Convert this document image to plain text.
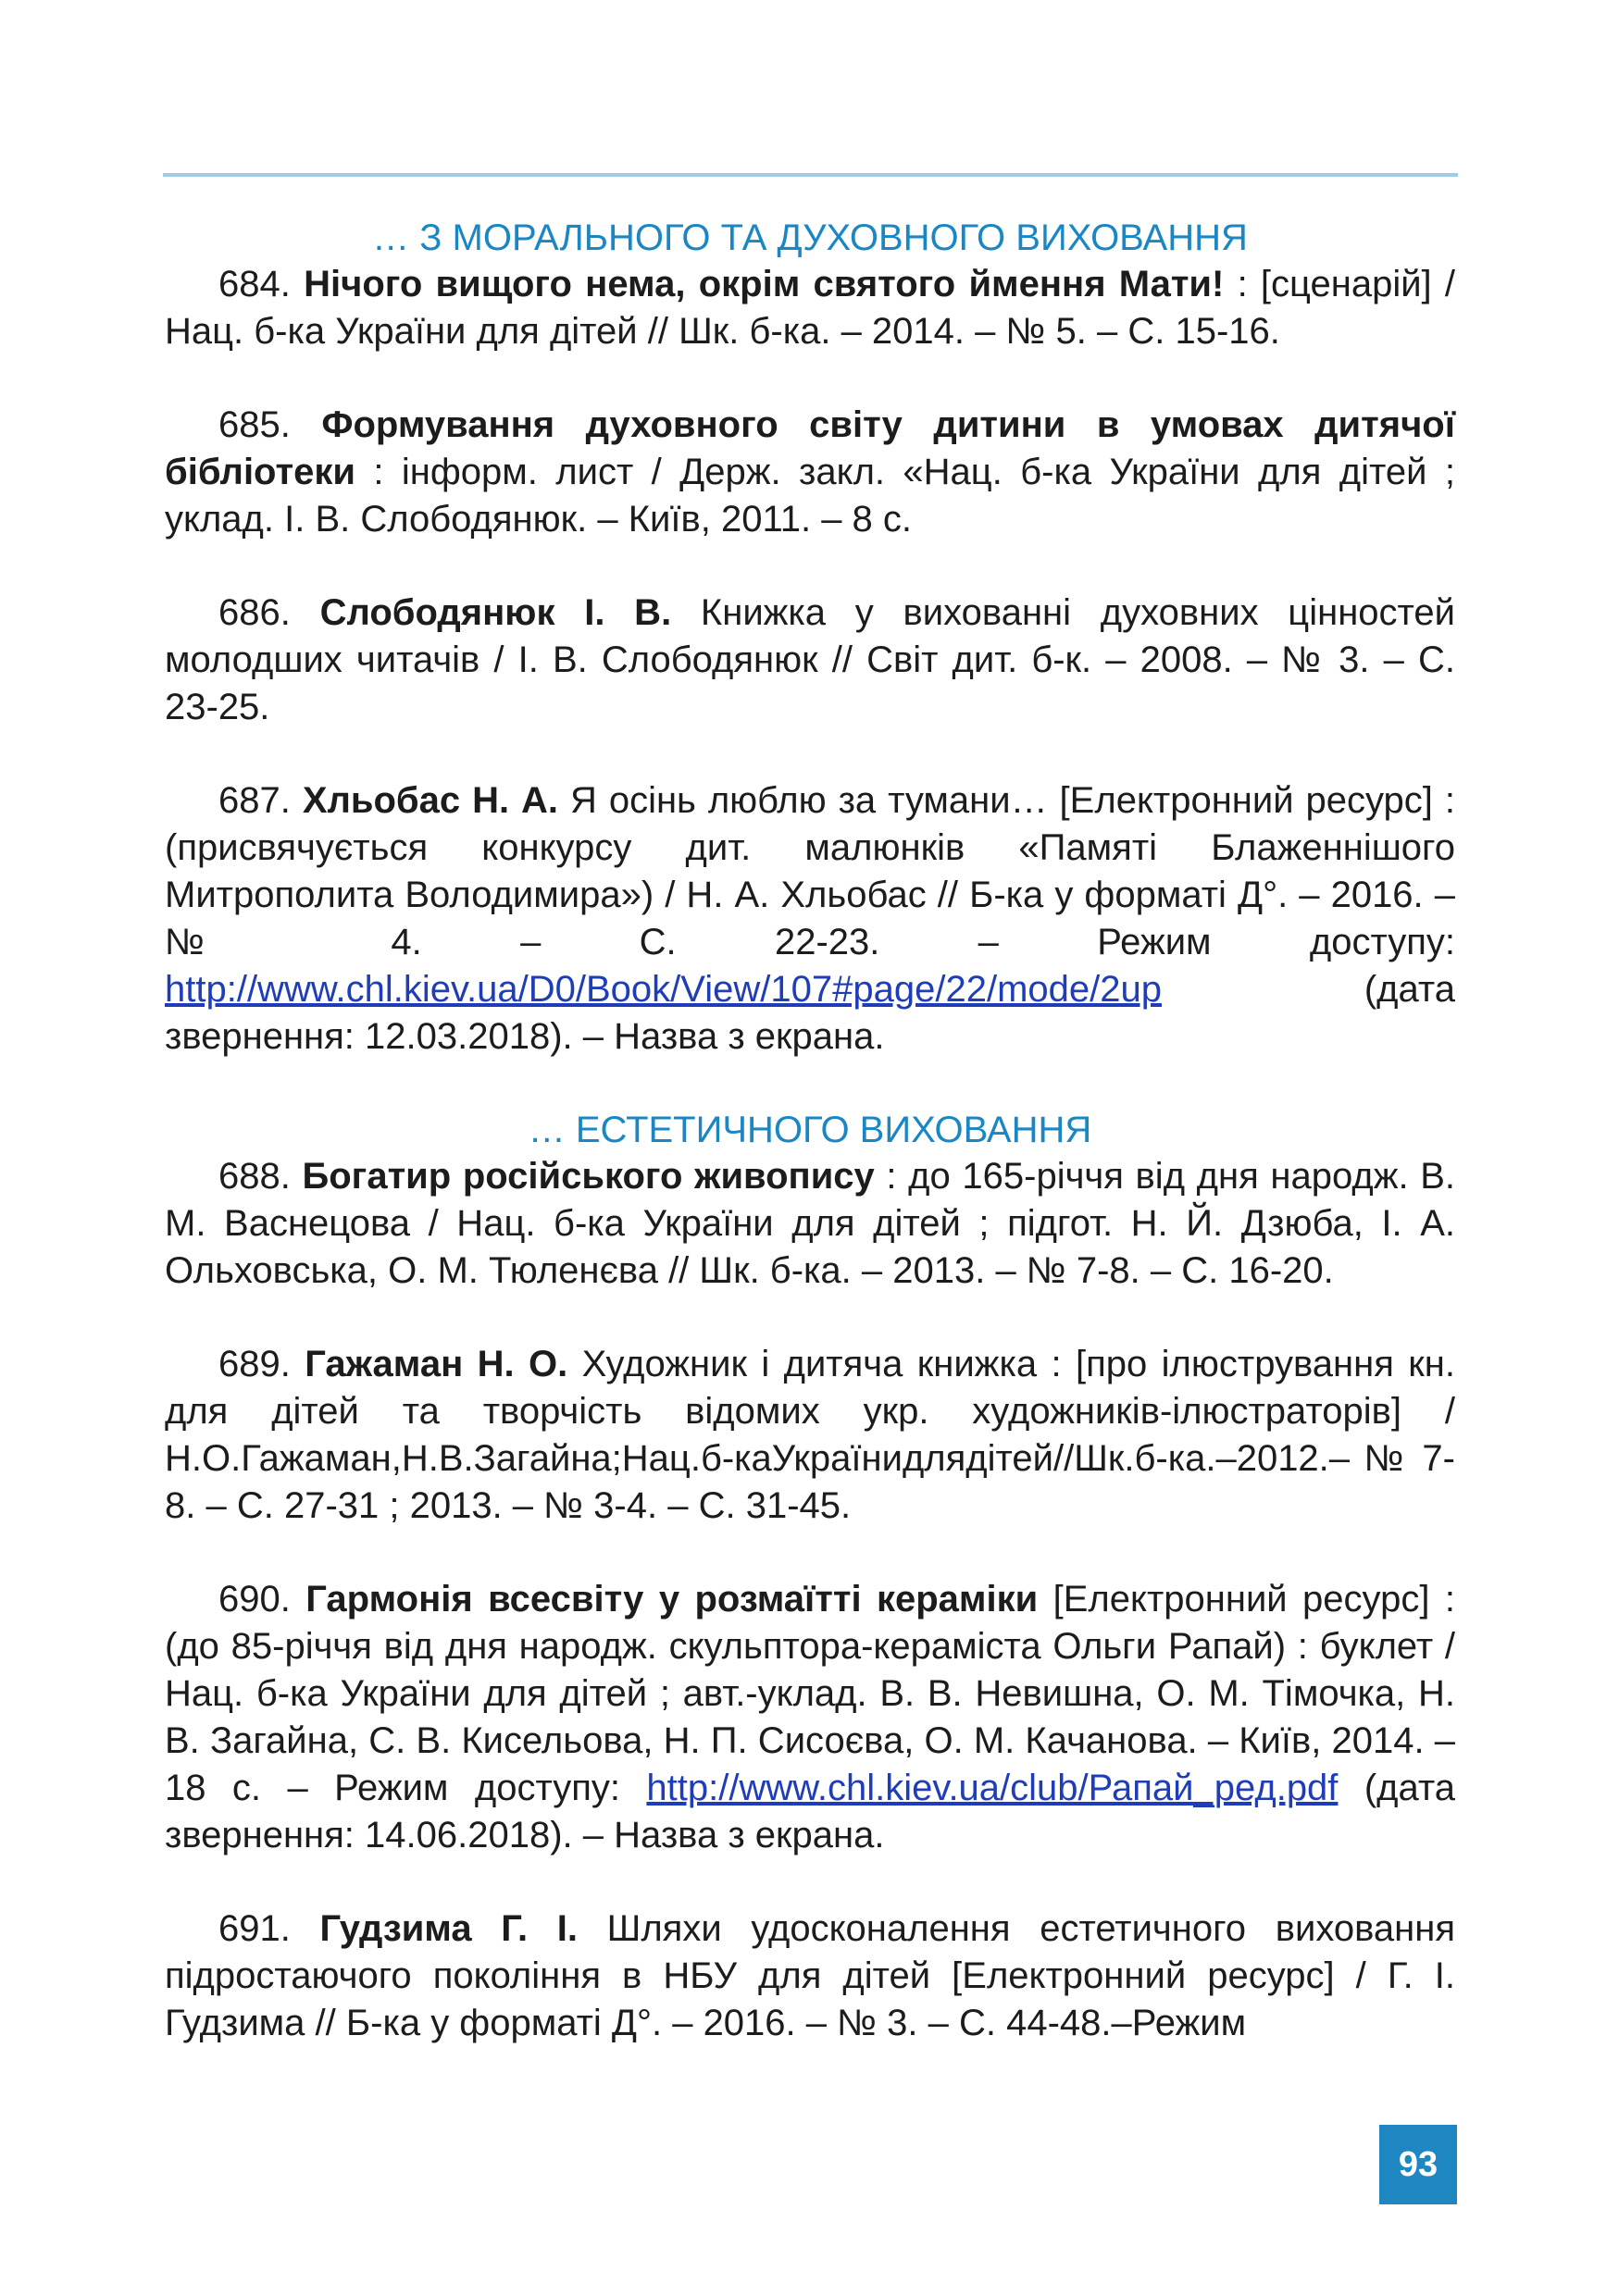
… З МОРАЛЬНОГО ТА ДУХОВНОГО ВИХОВАННЯ

684. Нічого вищого нема, окрім святого ймення Мати! : [сценарій] / Нац. б-ка України для дітей // Шк. б-ка. – 2014. – № 5. – С. 15-16.

685. Формування духовного світу дитини в умовах дитячої бібліотеки : інформ. лист / Держ. закл. «Нац. б-ка України для дітей ; уклад. І. В. Слободянюк. – Київ, 2011. – 8 с.

686. Слободянюк І. В. Книжка у вихованні духовних цінностей молодших читачів / І. В. Слободянюк // Світ дит. б-к. – 2008. – № 3. – С. 23-25.

687. Хльобас Н. А. Я осінь люблю за тумани… [Електронний ресурс] : (присвячується конкурсу дит. малюнків «Памяті Блаженнішого Митрополита Володимира») / Н. А. Хльобас // Б-ка у форматі Д°. – 2016. – № 4. – С. 22-23. – Режим доступу: http://www.chl.kiev.ua/D0/Book/View/107#page/22/mode/2up (дата звернення: 12.03.2018). – Назва з екрана.

… ЕСТЕТИЧНОГО ВИХОВАННЯ

688. Богатир російського живопису : до 165-річчя від дня народж. В. М. Васнецова / Нац. б-ка України для дітей ; підгот. Н. Й. Дзюба, І. А. Ольховська, О. М. Тюленєва // Шк. б-ка. – 2013. – № 7-8. – С. 16-20.

689. Гажаман Н. О. Художник і дитяча книжка : [про ілюстрування кн. для дітей та творчість відомих укр. художників-ілюстраторів] / Н.О.Гажаман,Н.В.Загайна;Нац.б-каУкраїнидлядітей//Шк.б-ка.–2012.– № 7-8. – С. 27-31 ; 2013. – № 3-4. – С. 31-45.

690. Гармонія всесвіту у розмаїтті кераміки [Електронний ресурс] : (до 85-річчя від дня народж. скульптора-кераміста Ольги Рапай) : буклет / Нац. б-ка України для дітей ; авт.-уклад. В. В. Невишна, О. М. Тімочка, Н. В. Загайна, С. В. Кисельова, Н. П. Сисоєва, О. М. Качанова. – Київ, 2014. – 18 с. – Режим доступу: http://www.chl.kiev.ua/club/Рапай_ред.pdf (дата звернення: 14.06.2018). – Назва з екрана.

691. Гудзима Г. І. Шляхи удосконалення естетичного виховання підростаючого покоління в НБУ для дітей [Електронний ресурс] / Г. І. Гудзима // Б-ка у форматі Д°. – 2016. – № 3. – С. 44-48.–Режим

93
